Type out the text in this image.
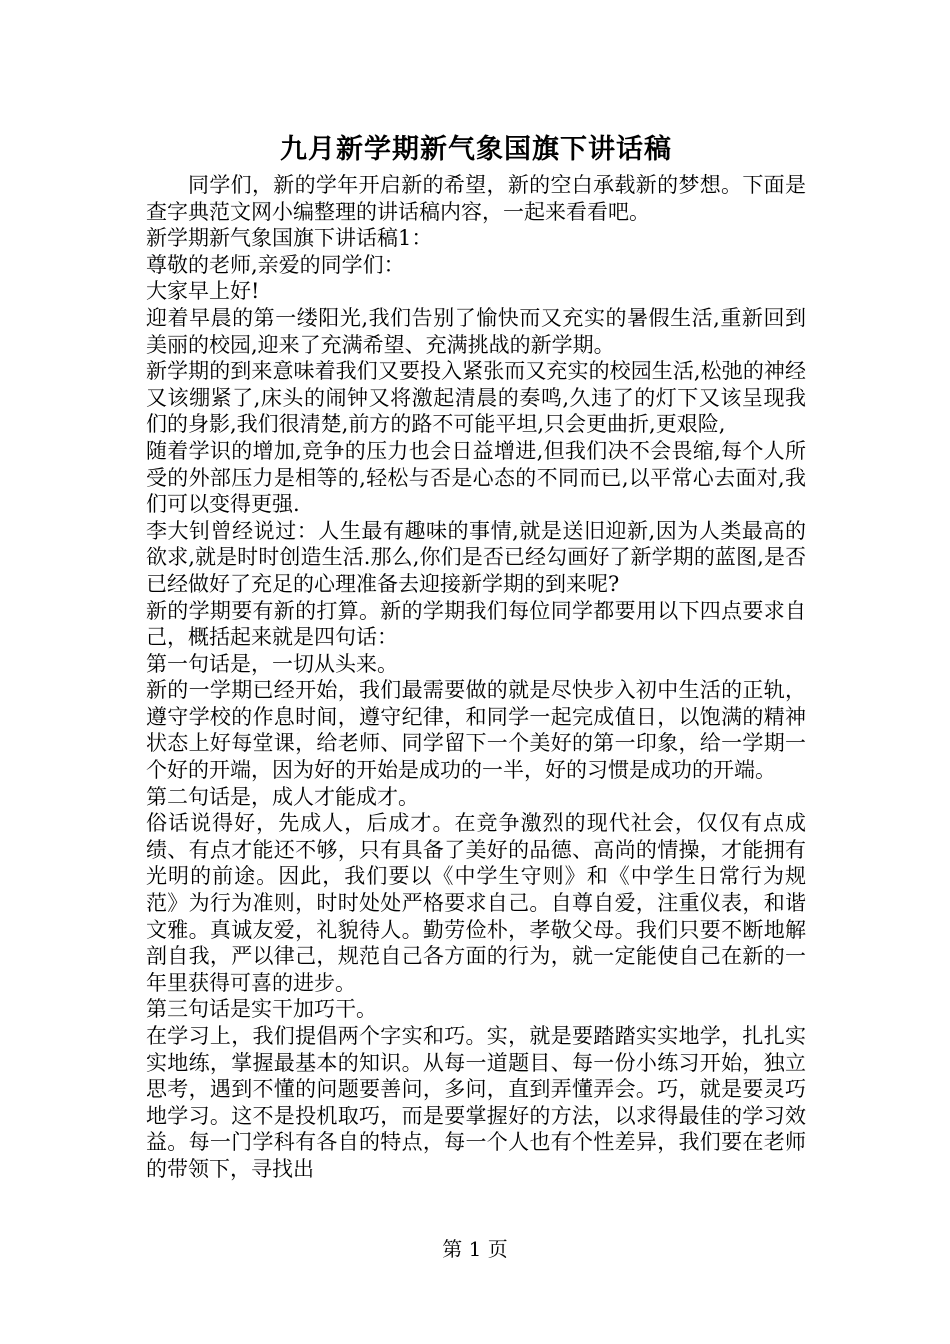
九月新学期新气象国旗下讲话稿

同学们，新的学年开启新的希望，新的空白承载新的梦想。下面是查字典范文网小编整理的讲话稿内容，一起来看看吧。

新学期新气象国旗下讲话稿1：

尊敬的老师,亲爱的同学们：

大家早上好!

迎着早晨的第一缕阳光,我们告别了愉快而又充实的暑假生活,重新回到美丽的校园,迎来了充满希望、充满挑战的新学期。

新学期的到来意味着我们又要投入紧张而又充实的校园生活,松弛的神经又该绷紧了,床头的闹钟又将激起清晨的奏鸣,久违了的灯下又该呈现我们的身影,我们很清楚,前方的路不可能平坦,只会更曲折,更艰险,

随着学识的增加,竞争的压力也会日益增进,但我们决不会畏缩,每个人所受的外部压力是相等的,轻松与否是心态的不同而已,以平常心去面对,我们可以变得更强.

李大钊曾经说过：人生最有趣味的事情,就是送旧迎新,因为人类最高的欲求,就是时时创造生活.那么,你们是否已经勾画好了新学期的蓝图,是否已经做好了充足的心理准备去迎接新学期的到来呢?

新的学期要有新的打算。新的学期我们每位同学都要用以下四点要求自己，概括起来就是四句话：

第一句话是，一切从头来。

新的一学期已经开始，我们最需要做的就是尽快步入初中生活的正轨，遵守学校的作息时间，遵守纪律，和同学一起完成值日，以饱满的精神状态上好每堂课，给老师、同学留下一个美好的第一印象，给一学期一个好的开端，因为好的开始是成功的一半，好的习惯是成功的开端。

第二句话是，成人才能成才。

俗话说得好，先成人，后成才。在竞争激烈的现代社会，仅仅有点成绩、有点才能还不够，只有具备了美好的品德、高尚的情操，才能拥有光明的前途。因此，我们要以《中学生守则》和《中学生日常行为规范》为行为准则，时时处处严格要求自己。自尊自爱，注重仪表，和谐文雅。真诚友爱，礼貌待人。勤劳俭朴，孝敬父母。我们只要不断地解剖自我，严以律己，规范自己各方面的行为，就一定能使自己在新的一年里获得可喜的进步。

第三句话是实干加巧干。

在学习上，我们提倡两个字实和巧。实，就是要踏踏实实地学，扎扎实实地练，掌握最基本的知识。从每一道题目、每一份小练习开始，独立思考，遇到不懂的问题要善问，多问，直到弄懂弄会。巧，就是要灵巧地学习。这不是投机取巧，而是要掌握好的方法，以求得最佳的学习效益。每一门学科有各自的特点，每一个人也有个性差异，我们要在老师的带领下，寻找出

第 1 页
